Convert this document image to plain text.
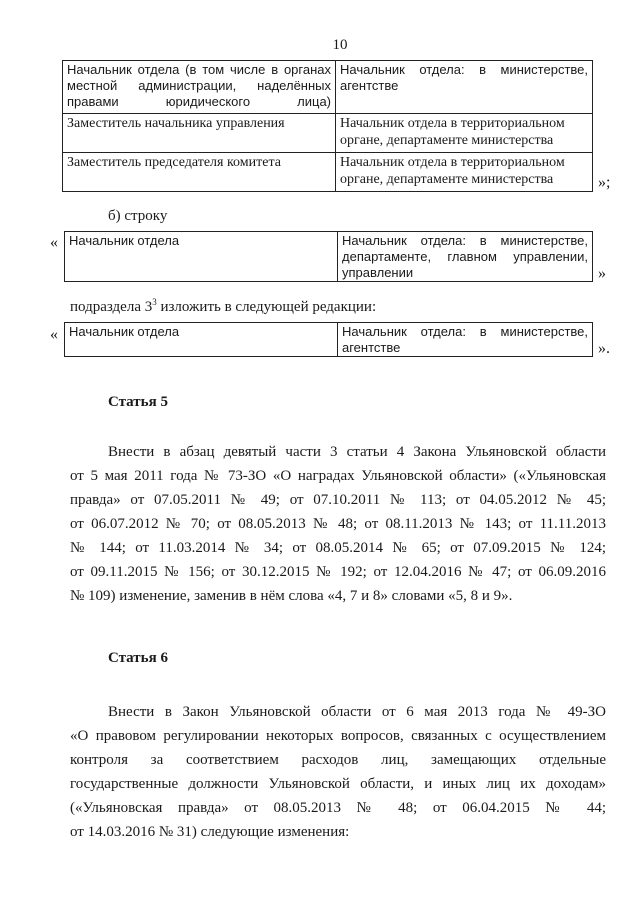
10
Начальник отдела (в том числе в органах местной администрации, наделённых правами юридического лица)	Начальник отдела: в министерстве, агентстве
Заместитель начальника управления	Начальник отдела в территориальном органе, департаменте министерства
Заместитель председателя комитета	Начальник отдела в территориальном органе, департаменте министерства	»;
б) строку
« Начальник отдела	Начальник отдела: в министерстве, департаменте, главном управлении, управлении	»
подраздела $3^3$ изложить в следующей редакции:
« Начальник отдела	Начальник отдела: в министерстве, агентстве	».
Статья 5
Внести в абзац девятый части 3 статьи 4 Закона Ульяновской области
от 5 мая 2011 года № 73-ЗО «О наградах Ульяновской области» («Ульяновская
правда» от 07.05.2011 № 49; от 07.10.2011 № 113; от 04.05.2012 № 45;
от 06.07.2012 № 70; от 08.05.2013 № 48; от 08.11.2013 № 143; от 11.11.2013
№ 144; от 11.03.2014 № 34; от 08.05.2014 № 65; от 07.09.2015 № 124;
от 09.11.2015 № 156; от 30.12.2015 № 192; от 12.04.2016 № 47; от 06.09.2016
№ 109) изменение, заменив в нём слова «4, 7 и 8» словами «5, 8 и 9».
Статья 6
Внести в Закон Ульяновской области от 6 мая 2013 года № 49-ЗО
«О правовом регулировании некоторых вопросов, связанных с осуществлением
контроля за соответствием расходов лиц, замещающих отдельные
государственные должности Ульяновской области, и иных лиц их доходам»
(«Ульяновская правда» от 08.05.2013 № 48; от 06.04.2015 № 44;
от 14.03.2016 № 31) следующие изменения:
